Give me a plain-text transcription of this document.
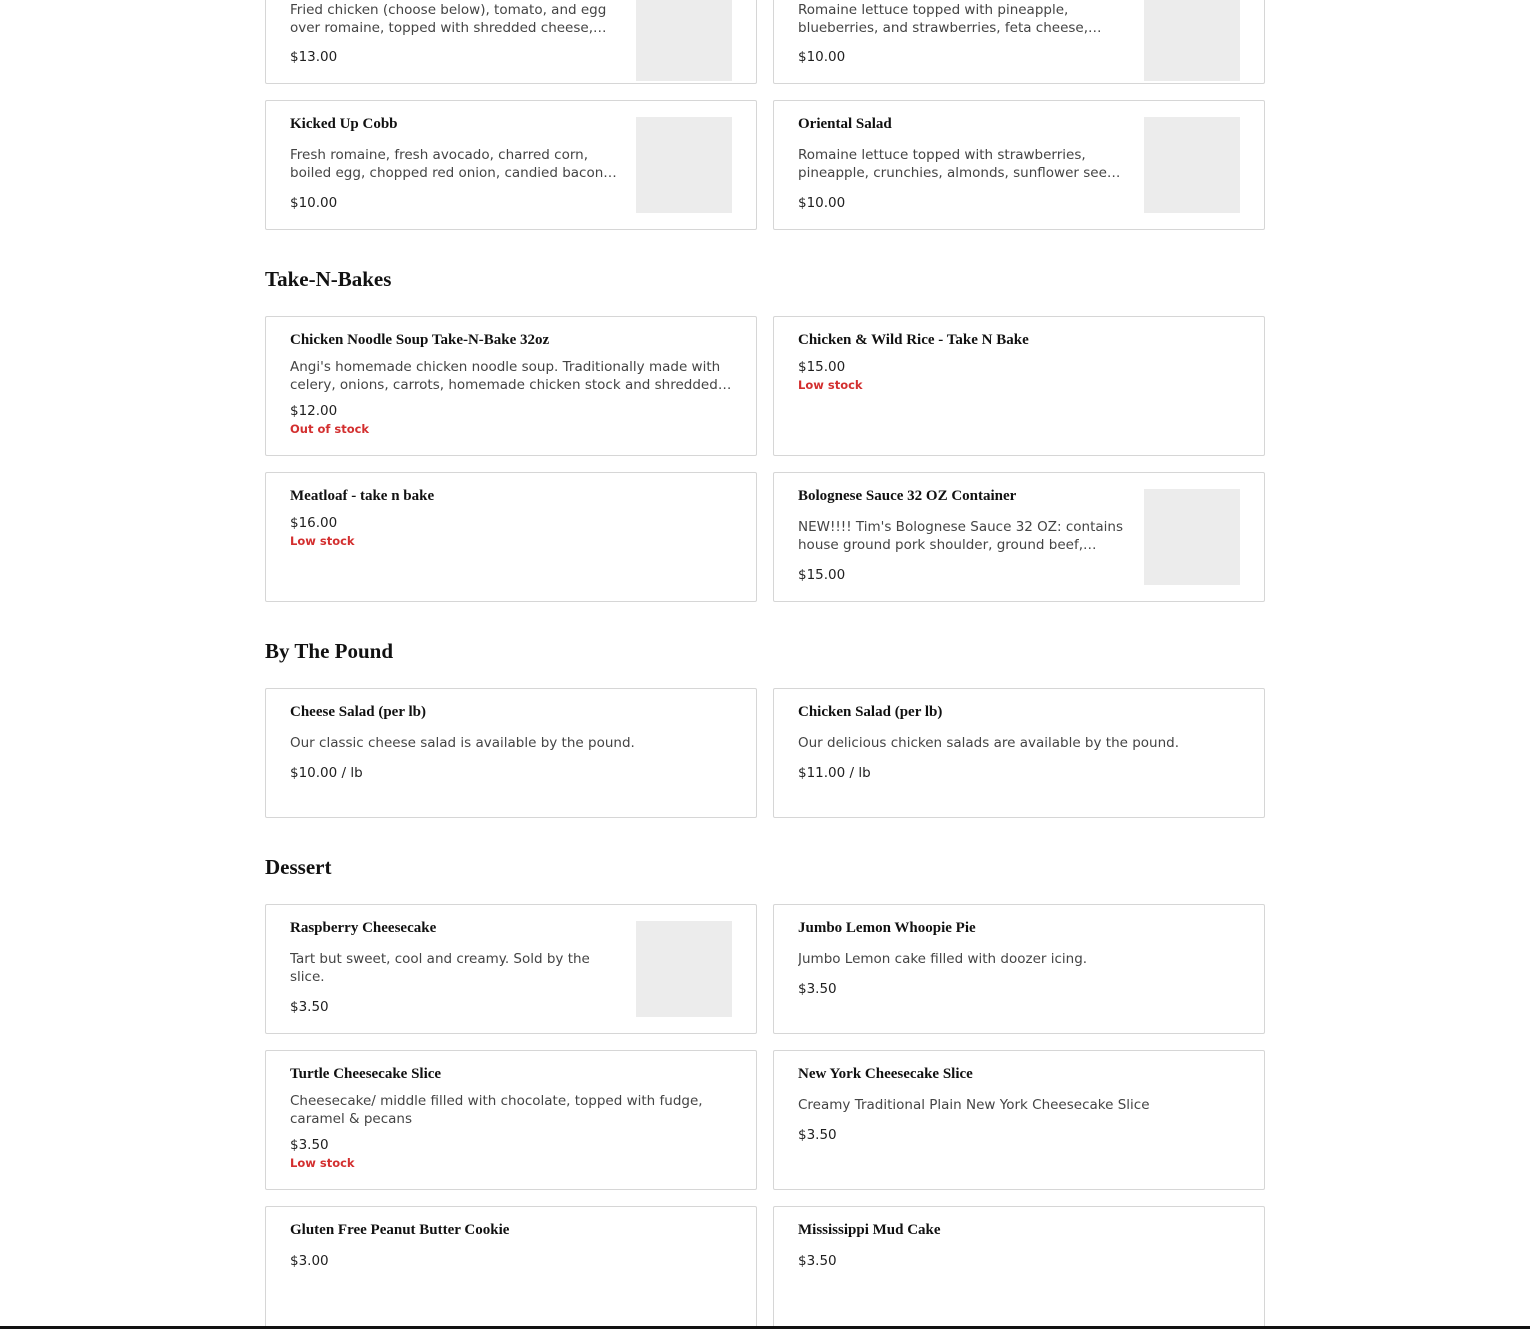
Fried chicken (choose below), tomato, and egg over romaine, topped with shredded cheese,
$13.00
Romaine lettuce topped with pineapple, blueberries, and strawberries, feta cheese,
$10.00
Kicked Up Cobb
Fresh romaine, fresh avocado, charred corn, boiled egg, chopped red onion, candied bacon
$10.00
Oriental Salad
Romaine lettuce topped with strawberries, pineapple, crunchies, almonds, sunflower seeds
$10.00
Take-N-Bakes
Chicken Noodle Soup Take-N-Bake 32oz
Angi's homemade chicken noodle soup. Traditionally made with celery, onions, carrots, homemade chicken stock and shredded
$12.00
Out of stock
Chicken & Wild Rice - Take N Bake
$15.00
Low stock
Meatloaf - take n bake
$16.00
Low stock
Bolognese Sauce 32 OZ Container
NEW!!!! Tim's Bolognese Sauce 32 OZ: contains house ground pork shoulder, ground beef,
$15.00
By The Pound
Cheese Salad (per lb)
Our classic cheese salad is available by the pound.
$10.00 / lb
Chicken Salad (per lb)
Our delicious chicken salads are available by the pound.
$11.00 / lb
Dessert
Raspberry Cheesecake
Tart but sweet, cool and creamy. Sold by the slice.
$3.50
Jumbo Lemon Whoopie Pie
Jumbo Lemon cake filled with doozer icing.
$3.50
Turtle Cheesecake Slice
Cheesecake/ middle filled with chocolate, topped with fudge, caramel & pecans
$3.50
Low stock
New York Cheesecake Slice
Creamy Traditional Plain New York Cheesecake Slice
$3.50
Gluten Free Peanut Butter Cookie
$3.00
Mississippi Mud Cake
$3.50
